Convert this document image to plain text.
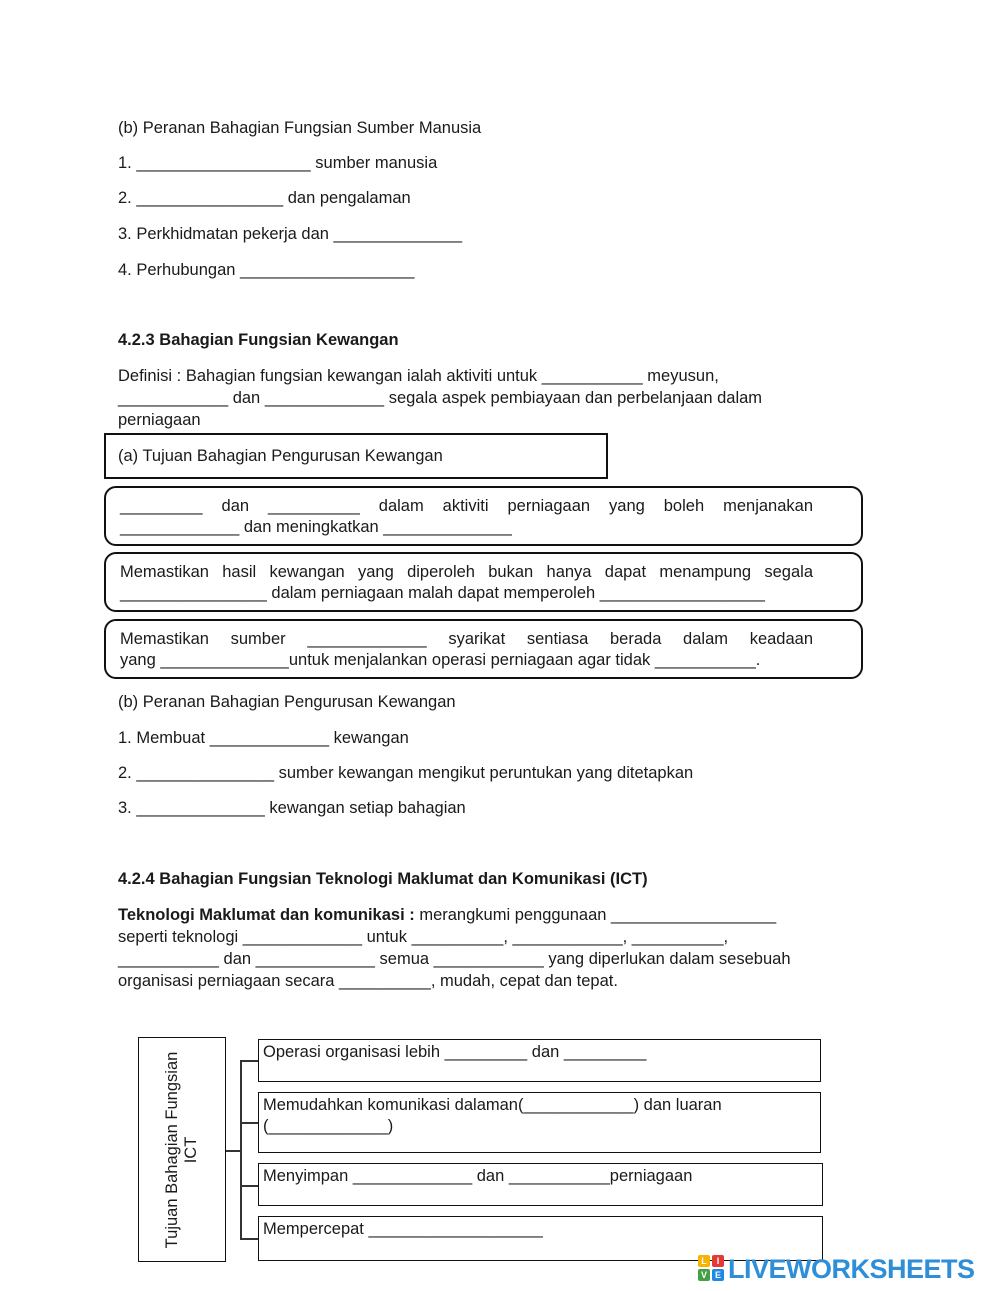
(b) Peranan Bahagian Fungsian Sumber Manusia
1. ___________________ sumber manusia
2. ________________ dan pengalaman
3. Perkhidmatan pekerja dan ______________
4. Perhubungan ___________________
4.2.3 Bahagian Fungsian Kewangan
Definisi : Bahagian fungsian kewangan ialah aktiviti untuk ___________ meyusun,
____________ dan _____________ segala aspek pembiayaan dan perbelanjaan dalam
perniagaan
(a) Tujuan Bahagian Pengurusan Kewangan
_________ dan __________ dalam aktiviti perniagaan yang boleh menjanakan
_____________ dan meningkatkan ______________
Memastikan hasil kewangan yang diperoleh bukan hanya dapat menampung segala
________________ dalam perniagaan malah dapat memperoleh __________________
Memastikan sumber _____________ syarikat sentiasa berada dalam keadaan
yang ______________untuk menjalankan operasi perniagaan agar tidak ___________.
(b) Peranan Bahagian Pengurusan Kewangan
1. Membuat _____________ kewangan
2. _______________ sumber kewangan mengikut peruntukan yang ditetapkan
3. ______________ kewangan setiap bahagian
4.2.4 Bahagian Fungsian Teknologi Maklumat dan Komunikasi (ICT)
Teknologi Maklumat dan komunikasi : merangkumi penggunaan __________________
seperti teknologi _____________ untuk __________, ____________, __________,
___________ dan _____________ semua ____________ yang diperlukan dalam sesebuah
organisasi perniagaan secara __________, mudah, cepat dan tepat.
Tujuan Bahagian Fungsian ICT
Operasi organisasi lebih _________ dan _________
Memudahkan komunikasi dalaman(____________) dan luaran
(_____________)
Menyimpan _____________ dan ___________perniagaan
Mempercepat ___________________
L	I
V E LIVEWORKSHEETS
